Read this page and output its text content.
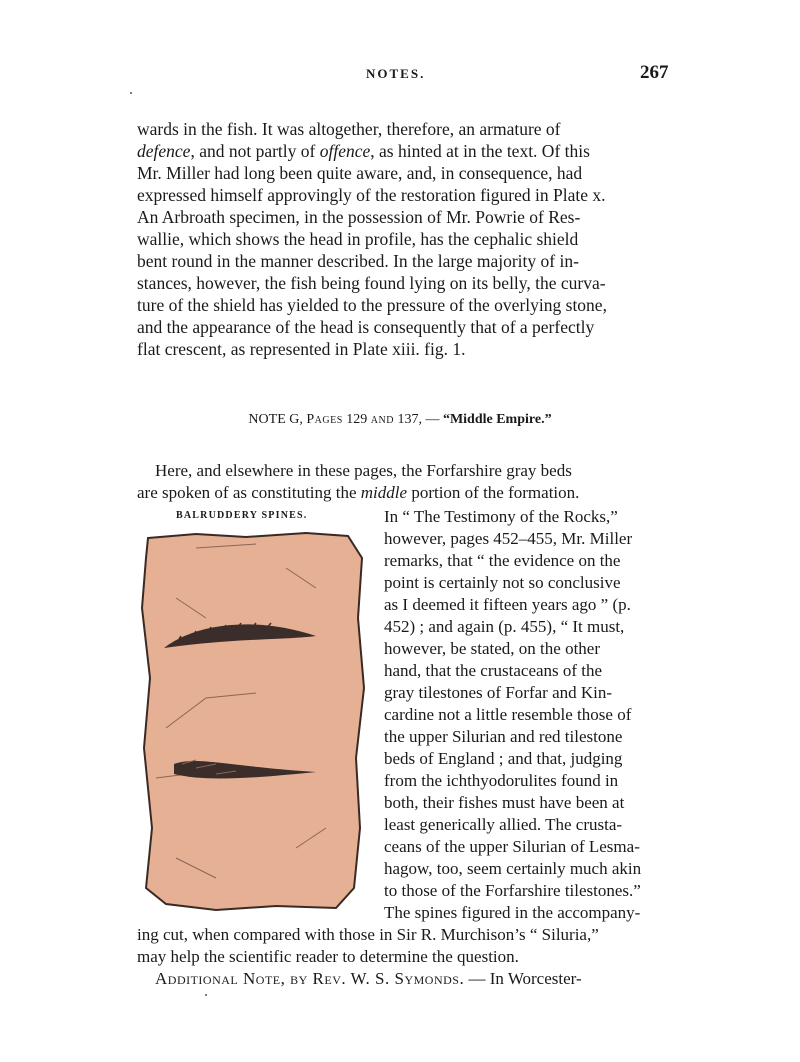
NOTES.	267
wards in the fish. It was altogether, therefore, an armature of
defence, and not partly of offence, as hinted at in the text. Of this
Mr. Miller had long been quite aware, and, in consequence, had
expressed himself approvingly of the restoration figured in Plate x.
An Arbroath specimen, in the possession of Mr. Powrie of Res-
wallie, which shows the head in profile, has the cephalic shield
bent round in the manner described. In the large majority of in-
stances, however, the fish being found lying on its belly, the curva-
ture of the shield has yielded to the pressure of the overlying stone,
and the appearance of the head is consequently that of a perfectly
flat crescent, as represented in Plate xiii. fig. 1.
NOTE G, Pages 129 and 137, — “Middle Empire.”
Here, and elsewhere in these pages, the Forfarshire gray beds
are spoken of as constituting the middle portion of the formation.
BALRUDDERY SPINES.	In “ The Testimony of the Rocks,”
however, pages 452–455, Mr. Miller
remarks, that “ the evidence on the
point is certainly not so conclusive
as I deemed it fifteen years ago ” (p.
452) ; and again (p. 455), “ It must,
however, be stated, on the other
hand, that the crustaceans of the
gray tilestones of Forfar and Kin-
cardine not a little resemble those of
the upper Silurian and red tilestone
beds of England ; and that, judging
from the ichthyodorulites found in
both, their fishes must have been at
least generically allied. The crusta-
ceans of the upper Silurian of Lesma-
hagow, too, seem certainly much akin
to those of the Forfarshire tilestones.”
The spines figured in the accompany-
ing cut, when compared with those in Sir R. Murchison’s “ Siluria,”
may help the scientific reader to determine the question.
Additional Note, by Rev. W. S. Symonds. — In Worcester-
